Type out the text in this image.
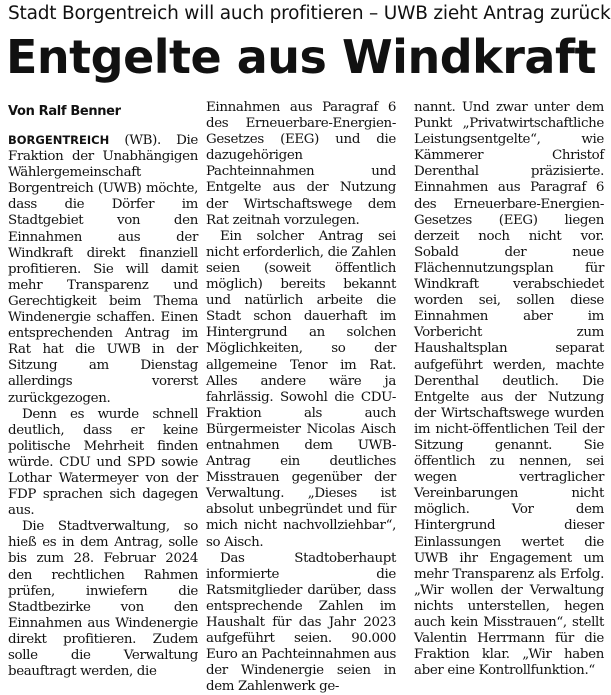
Stadt Borgentreich will auch profitieren – UWB zieht Antrag zurück
Entgelte aus Windkraft
Von Ralf Benner

BORGENTREICH (WB). Die Fraktion der Unabhängigen Wählergemeinschaft Borgentreich (UWB) möchte, dass die Dörfer im Stadtgebiet von den Einnahmen aus der Windkraft direkt finanziell profitieren. Sie will damit mehr Transparenz und Gerechtigkeit beim Thema Windenergie schaffen. Einen entsprechenden Antrag im Rat hat die UWB in der Sitzung am Dienstag allerdings vorerst zurückgezogen.

Denn es wurde schnell deutlich, dass er keine politische Mehrheit finden würde. CDU und SPD sowie Lothar Watermeyer von der FDP sprachen sich dagegen aus.

Die Stadtverwaltung, so hieß es in dem Antrag, solle bis zum 28. Februar 2024 den rechtlichen Rahmen prüfen, inwiefern die Stadtbezirke von den Einnahmen aus Windenergie direkt profitieren. Zudem solle die Verwaltung beauftragt werden, die

Einnahmen aus Paragraf 6 des Erneuerbare-Energien-Gesetzes (EEG) und die dazugehörigen Pachteinnahmen und Entgelte aus der Nutzung der Wirtschaftswege dem Rat zeitnah vorzulegen.

Ein solcher Antrag sei nicht erforderlich, die Zahlen seien (soweit öffentlich möglich) bereits bekannt und natürlich arbeite die Stadt schon dauerhaft im Hintergrund an solchen Möglichkeiten, so der allgemeine Tenor im Rat. Alles andere wäre ja fahrlässig. Sowohl die CDU-Fraktion als auch Bürgermeister Nicolas Aisch entnahmen dem UWB-Antrag ein deutliches Misstrauen gegenüber der Verwaltung. „Dieses ist absolut unbegründet und für mich nicht nachvollziehbar“, so Aisch.

Das Stadtoberhaupt informierte die Ratsmitglieder darüber, dass entsprechende Zahlen im Haushalt für das Jahr 2023 aufgeführt seien. 90.000 Euro an Pachteinnahmen aus der Windenergie seien in dem Zahlenwerk ge-

nannt. Und zwar unter dem Punkt „Privatwirtschaftliche Leistungsentgelte“, wie Kämmerer Christof Derenthal präzisierte. Einnahmen aus Paragraf 6 des Erneuerbare-Energien-Gesetzes (EEG) liegen derzeit noch nicht vor. Sobald der neue Flächennutzungsplan für Windkraft verabschiedet worden sei, sollen diese Einnahmen aber im Vorbericht zum Haushaltsplan separat aufgeführt werden, machte Derenthal deutlich. Die Entgelte aus der Nutzung der Wirtschaftswege wurden im nicht-öffentlichen Teil der Sitzung genannt. Sie öffentlich zu nennen, sei wegen vertraglicher Vereinbarungen nicht möglich. Vor dem Hintergrund dieser Einlassungen wertet die UWB ihr Engagement um mehr Transparenz als Erfolg. „Wir wollen der Verwaltung nichts unterstellen, hegen auch kein Misstrauen“, stellt Valentin Herrmann für die Fraktion klar. „Wir haben aber eine Kontrollfunktion.“
